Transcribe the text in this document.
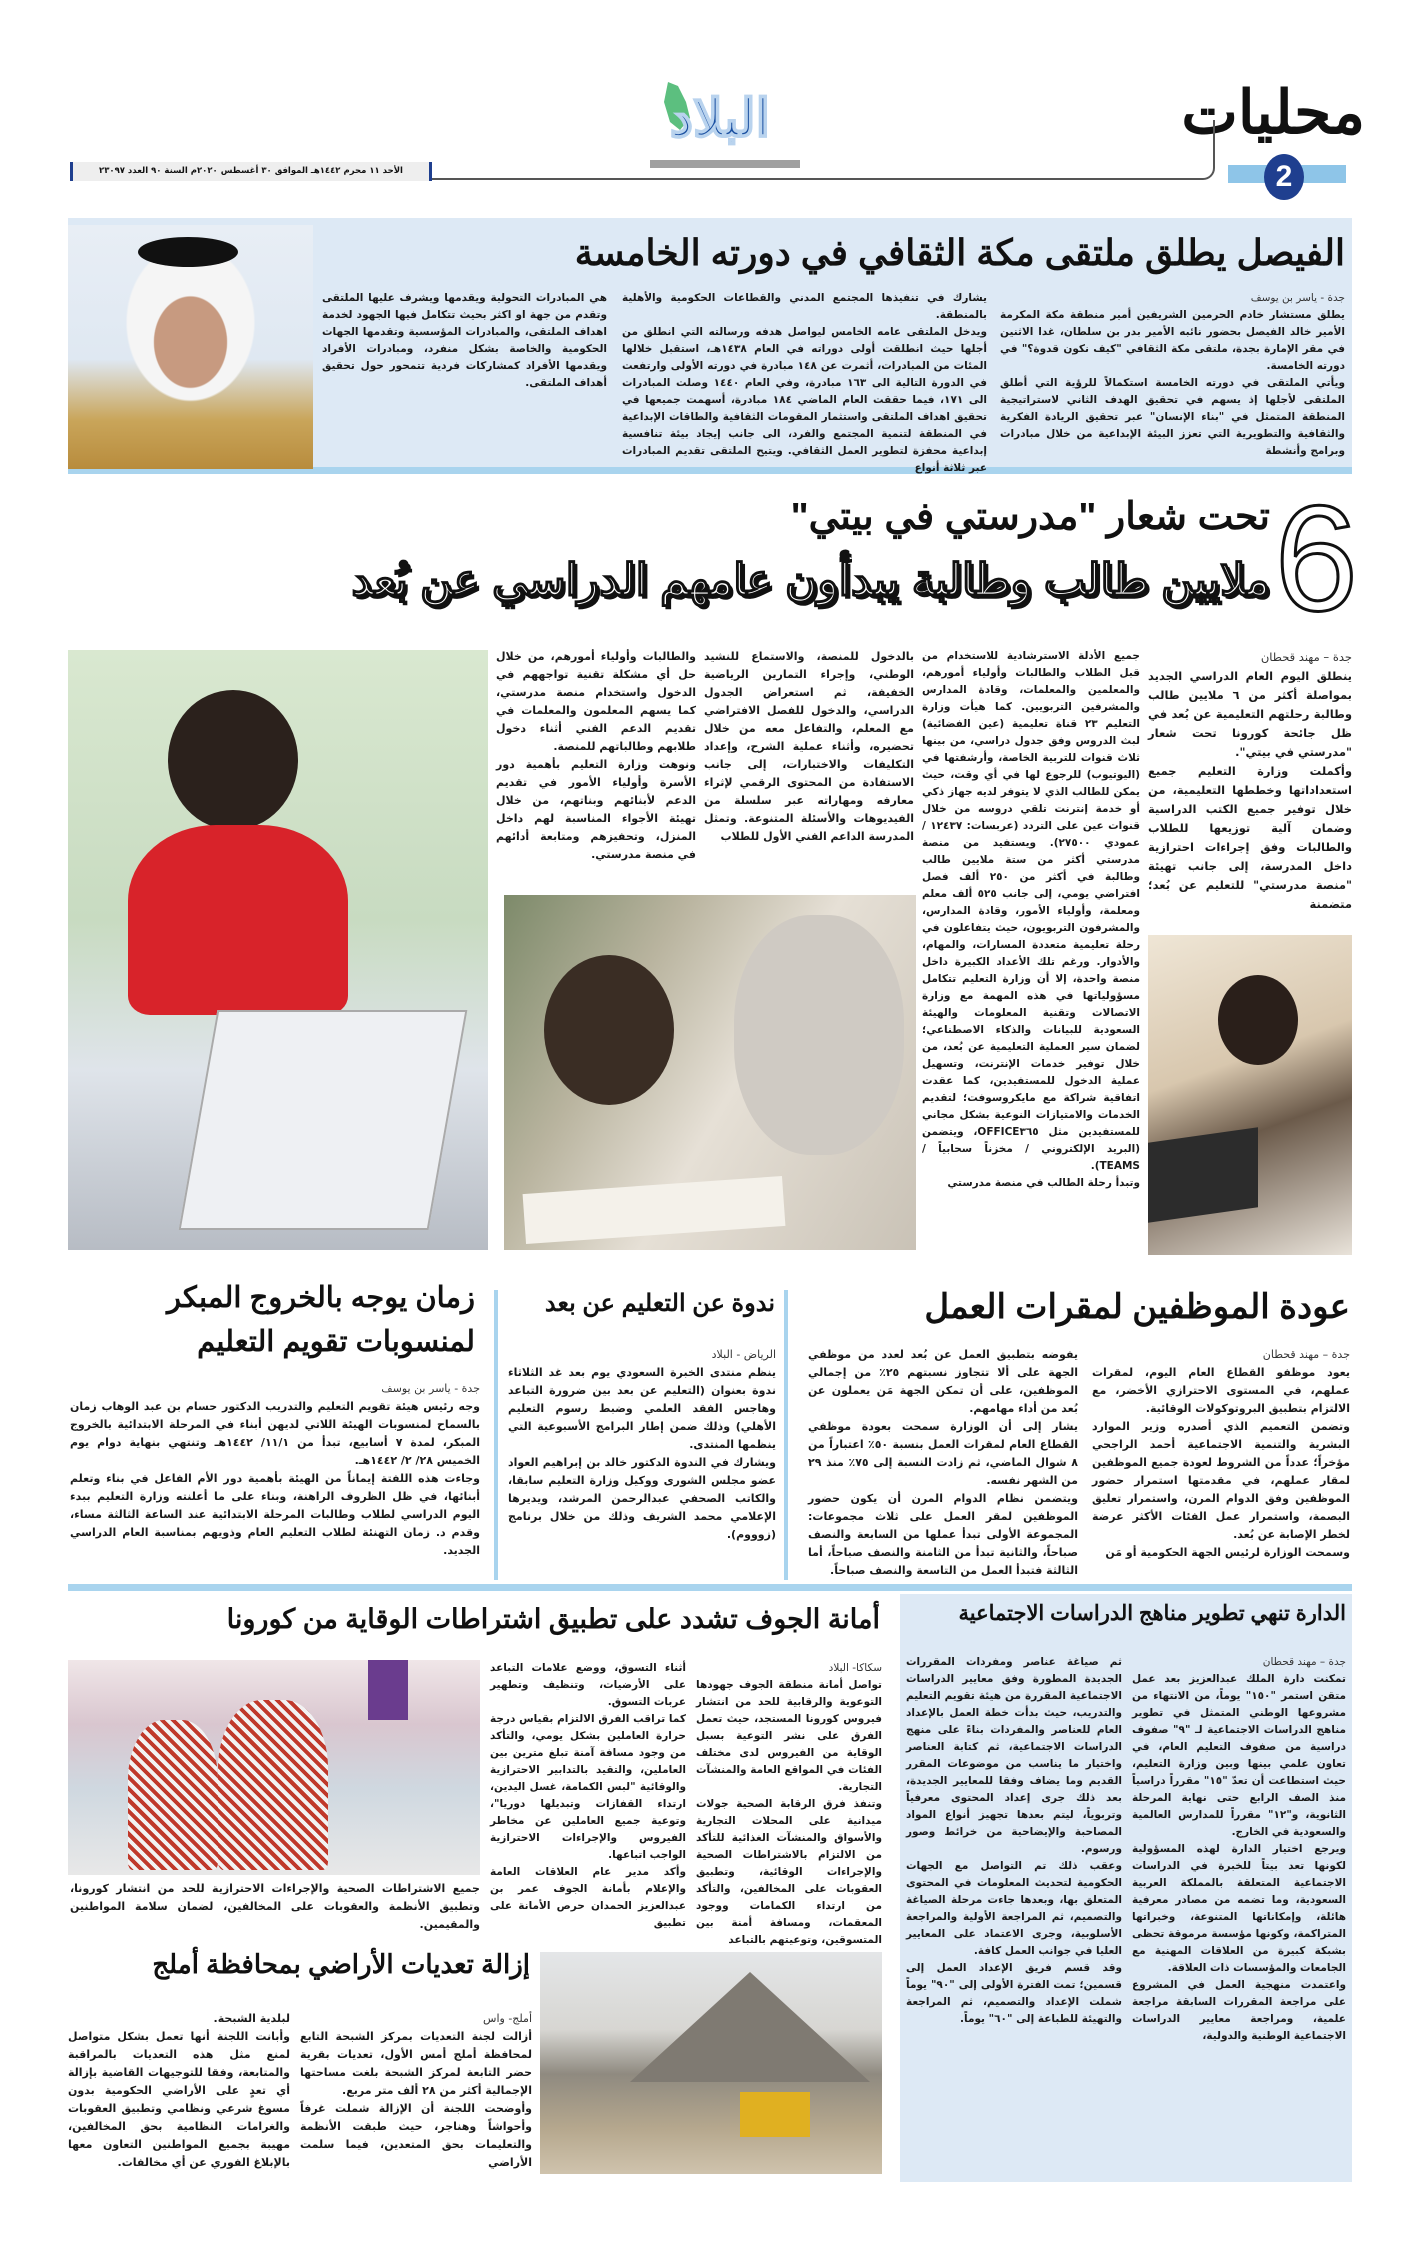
محليات
2
البلاد
الأحد ١١ محرم ١٤٤٢هـ الموافق ٣٠ أغسطس ٢٠٢٠م السنة ٩٠ العدد ٢٣٠٩٧
الفيصل يطلق ملتقى مكة الثقافي في دورته الخامسة
جدة - ياسر بن يوسف
يطلق مستشار خادم الحرمين الشريفين أمير منطقة مكة المكرمة الأمير خالد الفيصل بحضور نائبه الأمير بدر بن سلطان، غدا الاثنين في مقر الإمارة بجدة، ملتقى مكة الثقافي "كيف نكون قدوة؟" في دورته الخامسة.
ويأتي الملتقى في دورته الخامسة استكمالاً للرؤية التي أطلق الملتقى لأجلها إذ يسهم في تحقيق الهدف الثاني لاستراتيجية المنطقة المتمثل في "بناء الإنسان" عبر تحقيق الريادة الفكرية والثقافية والتطويرية التي تعزز البيئة الإبداعية من خلال مبادرات وبرامج وأنشطة
يشارك في تنفيذها المجتمع المدني والقطاعات الحكومية والأهلية بالمنطقة.
ويدخل الملتقى عامه الخامس ليواصل هدفه ورسالته التي انطلق من أجلها حيث انطلقت أولى دوراته في العام ١٤٣٨هـ، استقبل خلالها المئات من المبادرات، أثمرت عن ١٤٨ مبادرة في دورته الأولى وارتفعت في الدورة التالية الى ١٦٣ مبادرة، وفي العام ١٤٤٠ وصلت المبادرات الى ١٧١، فيما حققت العام الماضي ١٨٤ مبادرة، أسهمت جميعها في تحقيق اهداف الملتقى واستثمار المقومات الثقافية والطاقات الإبداعية في المنطقة لتنمية المجتمع والفرد، الى جانب إيجاد بيئة تنافسية إبداعية محفزة لتطوير العمل الثقافي. ويتيح الملتقى تقديم المبادرات عبر ثلاثة أنواع
هي المبادرات التحولية ويقدمها ويشرف عليها الملتقى وتقدم من جهة او اكثر بحيث تتكامل فيها الجهود لخدمة اهداف الملتقى، والمبادرات المؤسسية وتقدمها الجهات الحكومية والخاصة بشكل منفرد، ومبادرات الأفراد ويقدمها الأفراد كمشاركات فردية تتمحور حول تحقيق أهداف الملتقى.
6
تحت شعار "مدرستي في بيتي"
ملايين طالب وطالبة يبدأون عامهم الدراسي عن بُعد
جدة – مهند قحطان
ينطلق اليوم العام الدراسي الجديد بمواصلة أكثر من ٦ ملايين طالب وطالبة رحلتهم التعليمية عن بُعد في ظل جائحة كورونا تحت شعار "مدرستي في بيتي".
وأكملت وزارة التعليم جميع استعداداتها وخططها التعليمية، من خلال توفير جميع الكتب الدراسية وضمان آلية توزيعها للطلاب والطالبات وفق إجراءات احترازية داخل المدرسة، إلى جانب تهيئة "منصة مدرستي" للتعليم عن بُعد؛ متضمنة
جميع الأدلة الاسترشادية للاستخدام من قبل الطلاب والطالبات وأولياء أمورهم، والمعلمين والمعلمات، وقادة المدارس والمشرفين التربويين. كما هيأت وزارة التعليم ٢٣ قناة تعليمية (عين الفضائية) لبث الدروس وفق جدول دراسي، من بينها ثلاث قنوات للتربية الخاصة، وأرشفتها في (اليوتيوب) للرجوع لها في أي وقت، حيث يمكن للطالب الذي لا يتوفر لديه جهاز ذكي أو خدمة إنترنت تلقي دروسه من خلال قنوات عين على التردد (عربسات: ١٢٤٣٧ / عمودي ٢٧٥٠٠). ويستفيد من منصة مدرستي أكثر من ستة ملايين طالب وطالبة في أكثر من ٢٥٠ ألف فصل افتراضي يومي، إلى جانب ٥٢٥ ألف معلم ومعلمة، وأولياء الأمور، وقادة المدارس، والمشرفون التربويون، حيث يتفاعلون في رحلة تعليمية متعددة المسارات، والمهام، والأدوار. ورغم تلك الأعداد الكبيرة داخل منصة واحدة، إلا أن وزارة التعليم تتكامل مسؤولياتها في هذه المهمة مع وزارة الاتصالات وتقنية المعلومات والهيئة السعودية للبيانات والذكاء الاصطناعي؛ لضمان سير العملية التعليمية عن بُعد، من خلال توفير خدمات الإنترنت، وتسهيل عملية الدخول للمستفيدين، كما عقدت اتفاقية شراكة مع مايكروسوفت؛ لتقديم الخدمات والامتيازات النوعية بشكل مجاني للمستفيدين مثل OFFICE٣٦٥، ويتضمن (البريد الإلكتروني / مخزناً سحابياً / TEAMS).
وتبدأ رحلة الطالب في منصة مدرستي
بالدخول للمنصة، والاستماع للنشيد الوطني، وإجراء التمارين الرياضية الخفيفة، ثم استعراض الجدول الدراسي، والدخول للفصل الافتراضي مع المعلم، والتفاعل معه من خلال تحضيره، وأثناء عملية الشرح، وإعداد التكليفات والاختبارات، إلى جانب الاستفادة من المحتوى الرقمي لإثراء معارفه ومهاراته عبر سلسلة من الفيديوهات والأسئلة المتنوعة. وتمثل المدرسة الداعم الفني الأول للطلاب
والطالبات وأولياء أمورهم، من خلال حل أي مشكلة تقنية تواجههم في الدخول واستخدام منصة مدرستي، كما يسهم المعلمون والمعلمات في تقديم الدعم الفني أثناء دخول طلابهم وطالباتهم للمنصة.
ونوهت وزارة التعليم بأهمية دور الأسرة وأولياء الأمور في تقديم الدعم لأبنائهم وبناتهم، من خلال تهيئة الأجواء المناسبة لهم داخل المنزل، وتحفيزهم ومتابعة أدائهم في منصة مدرستي.
عودة الموظفين لمقرات العمل
جدة – مهند قحطان
يعود موظفو القطاع العام اليوم، لمقرات عملهم، في المستوى الاحترازي الأخضر، مع الالتزام بتطبيق البروتوكولات الوقائية.
وتضمن التعميم الذي أصدره وزير الموارد البشرية والتنمية الاجتماعية أحمد الراجحي مؤخراً؛ عدداً من الشروط لعودة جميع الموظفين لمقار عملهم، في مقدمتها استمرار حضور الموظفين وفق الدوام المرن، واستمرار تعليق البصمة، واستمرار عمل الفئات الأكثر عرضة لخطر الإصابة عن بُعد.
وسمحت الوزارة لرئيس الجهة الحكومية أو مَن
يفوضه بتطبيق العمل عن بُعد لعدد من موظفي الجهة على ألا تتجاوز نسبتهم ٢٥٪ من إجمالي الموظفين، على أن تمكن الجهة مَن يعملون عن بُعد من أداء مهامهم.
يشار إلى أن الوزارة سمحت بعودة موظفي القطاع العام لمقرات العمل بنسبة ٥٠٪ اعتباراً من ٨ شوال الماضي، ثم زادت النسبة إلى ٧٥٪ منذ ٢٩ من الشهر نفسه.
ويتضمن نظام الدوام المرن أن يكون حضور الموظفين لمقر العمل على ثلاث مجموعات: المجموعة الأولى تبدأ عملها من السابعة والنصف صباحاً، والثانية تبدأ من الثامنة والنصف صباحاً، أما الثالثة فتبدأ العمل من التاسعة والنصف صباحاً.
ندوة عن التعليم عن بعد
الرياض - البلاد
ينظم منتدى الخبرة السعودي يوم بعد غد الثلاثاء ندوة بعنوان (التعليم عن بعد بين ضرورة التباعد وهاجس الفقد العلمي وضبط رسوم التعليم الأهلي) وذلك ضمن إطار البرامج الأسبوعية التي ينظمها المنتدى.
ويشارك في الندوة الدكتور خالد بن إبراهيم العواد عضو مجلس الشورى ووكيل وزارة التعليم سابقا، والكاتب الصحفي عبدالرحمن المرشد، ويديرها الإعلامي محمد الشريف وذلك من خلال برنامج (زوووم).
زمان يوجه بالخروج المبكر
لمنسوبات تقويم التعليم
جدة - ياسر بن يوسف
وجه رئيس هيئة تقويم التعليم والتدريب الدكتور حسام بن عبد الوهاب زمان بالسماح لمنسوبات الهيئة اللاتي لديهن أبناء في المرحلة الابتدائية بالخروج المبكر، لمدة ٧ أسابيع، تبدأ من ١١/١/ ١٤٤٢هـ وتنتهي بنهاية دوام يوم الخميس ٢٨/ ٢/ ١٤٤٢هـ.
وجاءت هذه اللفتة إيماناً من الهيئة بأهمية دور الأم الفاعل في بناء وتعلم أبنائها، في ظل الظروف الراهنة، وبناء على ما أعلنته وزارة التعليم ببدء اليوم الدراسي لطلاب وطالبات المرحلة الابتدائية عند الساعة الثالثة مساء، وقدم د. زمان التهنئة لطلاب التعليم العام وذويهم بمناسبة العام الدراسي الجديد.
الدارة تنهي تطوير مناهج الدراسات الاجتماعية
جدة – مهند قحطان
تمكنت دارة الملك عبدالعزيز بعد عمل متقن استمر "١٥٠" يوماً، من الانتهاء من مشروعها الوطني المتمثل في تطوير مناهج الدراسات الاجتماعية لـ "٩" صفوف دراسية من صفوف التعليم العام، في تعاون علمي بينها وبين وزارة التعليم، حيث استطاعت أن تعدّ "١٥" مقرراً دراسياً منذ الصف الرابع حتى نهاية المرحلة الثانوية، و"١٢" مقرراً للمدارس العالمية والسعودية في الخارج.
ويرجع اختيار الدارة لهذه المسؤولية لكونها تعد بيتاً للخبرة في الدراسات الاجتماعية المتعلقة بالمملكة العربية السعودية، وما تضمه من مصادر معرفية هائلة، وإمكاناتها المتنوعة، وخبراتها المتراكمة، وكونها مؤسسة مرموقة تحظى بشبكة كبيرة من العلاقات المهنية مع الجامعات والمؤسسات ذات العلاقة.
واعتمدت منهجية العمل في المشروع على مراجعة المقررات السابقة مراجعة علمية، ومراجعة معايير الدراسات الاجتماعية الوطنية والدولية،
ثم صياغة عناصر ومفردات المقررات الجديدة المطورة وفق معايير الدراسات الاجتماعية المقررة من هيئة تقويم التعليم والتدريب، حيث بدأت خطة العمل بالإعداد العام للعناصر والمفردات بناءً على منهج الدراسات الاجتماعية، ثم كتابة العناصر واختيار ما يناسب من موضوعات المقرر القديم وما يضاف وفقا للمعايير الجديدة، بعد ذلك جرى إعداد المحتوى معرفياً وتربوياً، ليتم بعدها تجهيز أنواع المواد المصاحبة والإيضاحية من خرائط وصور ورسوم.
وعقب ذلك تم التواصل مع الجهات الحكومية لتحديث المعلومات في المحتوى المتعلق بها، وبعدها جاءت مرحلة الصياغة والتصميم، ثم المراجعة الأولية والمراجعة الأسلوبية، وجرى الاعتماد على المعايير العليا في جوانب العمل كافة.
وقد قسم فريق الإعداد العمل إلى قسمين؛ تمت الفترة الأولى إلى "٩٠" يوماً شملت الإعداد والتصميم، ثم المراجعة والتهيئة للطباعة إلى "٦٠" يوماً.
أمانة الجوف تشدد على تطبيق اشتراطات الوقاية من كورونا
سكاكا- البلاد
تواصل أمانة منطقة الجوف جهودها التوعوية والرقابية للحد من انتشار فيروس كورونا المستجد، حيث تعمل الفرق على نشر التوعية بسبل الوقاية من الفيروس لدى مختلف الفئات في المواقع العامة والمنشآت التجارية.
وتنفذ فرق الرقابة الصحية جولات ميدانية على المحلات التجارية والأسواق والمنشآت الغذائية للتأكد من الالتزام بالاشتراطات الصحية والإجراءات الوقائية، وتطبيق العقوبات على المخالفين، والتأكد من ارتداء الكمامات ووجود المعقمات، ومسافة أمنة بين المتسوقين، وتوعيتهم بالتباعد
أثناء التسوق، ووضع علامات التباعد على الأرضيات، وتنظيف وتطهير عربات التسوق.
كما تراقب الفرق الالتزام بقياس درجة حرارة العاملين بشكل يومي، والتأكد من وجود مسافة آمنة تبلغ مترين بين العاملين، والتقيد بالتدابير الاحترازية والوقائية "لبس الكمامة، غسل اليدين، ارتداء القفازات وتبديلها دوريا"، وتوعية جميع العاملين عن مخاطر الفيروس والإجراءات الاحترازية الواجب اتباعها.
وأكد مدير عام العلاقات العامة والإعلام بأمانة الجوف عمر بن عبدالعزيز الحمدان حرص الأمانة على تطبيق
جميع الاشتراطات الصحية والإجراءات الاحترازية للحد من انتشار كورونا، وتطبيق الأنظمة والعقوبات على المخالفين، لضمان سلامة المواطنين والمقيمين.
إزالة تعديات الأراضي بمحافظة أملج
أملج- واس
أزالت لجنة التعديات بمركز الشبحة التابع لمحافظة أملج أمس الأول، تعديات بقرية حضر التابعة لمركز الشبحة بلغت مساحتها الإجمالية أكثر من ٢٨ ألف متر مربع.
وأوضحت اللجنة أن الإزالة شملت غرفاً وأحواشاً وهناجر، حيث طبقت الأنظمة والتعليمات بحق المتعدين، فيما سلمت الأراضي
لبلدية الشبحة.
وأبانت اللجنة أنها تعمل بشكل متواصل لمنع مثل هذه التعديات بالمراقبة والمتابعة، وفقا للتوجيهات القاضية بإزالة أي تعدٍ على الأراضي الحكومية بدون مسوغ شرعي ونظامي وتطبيق العقوبات والغرامات النظامية بحق المخالفين، مهيبة بجميع المواطنين التعاون معها بالإبلاغ الفوري عن أي مخالفات.
